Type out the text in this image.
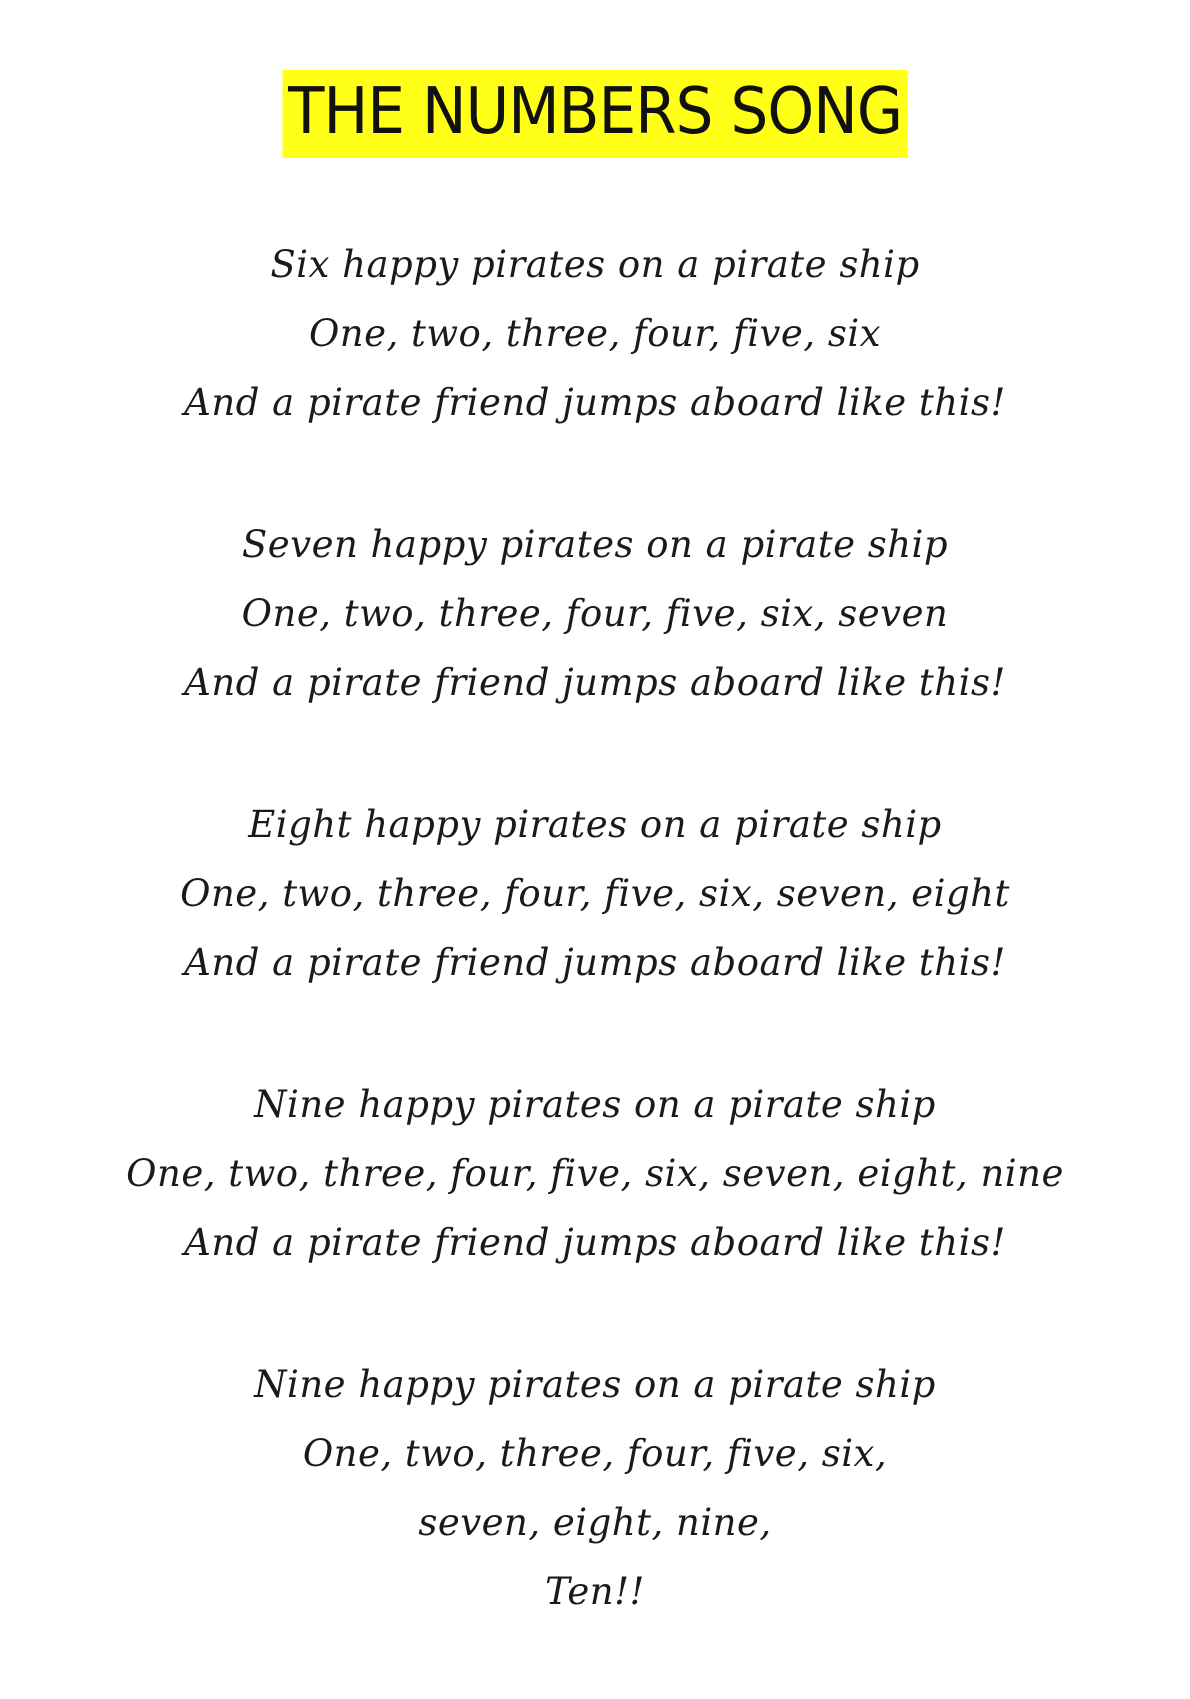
THE NUMBERS SONG
Six happy pirates on a pirate ship
One, two, three, four, five, six
And a pirate friend jumps aboard like this!
Seven happy pirates on a pirate ship
One, two, three, four, five, six, seven
And a pirate friend jumps aboard like this!
Eight happy pirates on a pirate ship
One, two, three, four, five, six, seven, eight
And a pirate friend jumps aboard like this!
Nine happy pirates on a pirate ship
One, two, three, four, five, six, seven, eight, nine
And a pirate friend jumps aboard like this!
Nine happy pirates on a pirate ship
One, two, three, four, five, six,
seven, eight, nine,
Ten!!
